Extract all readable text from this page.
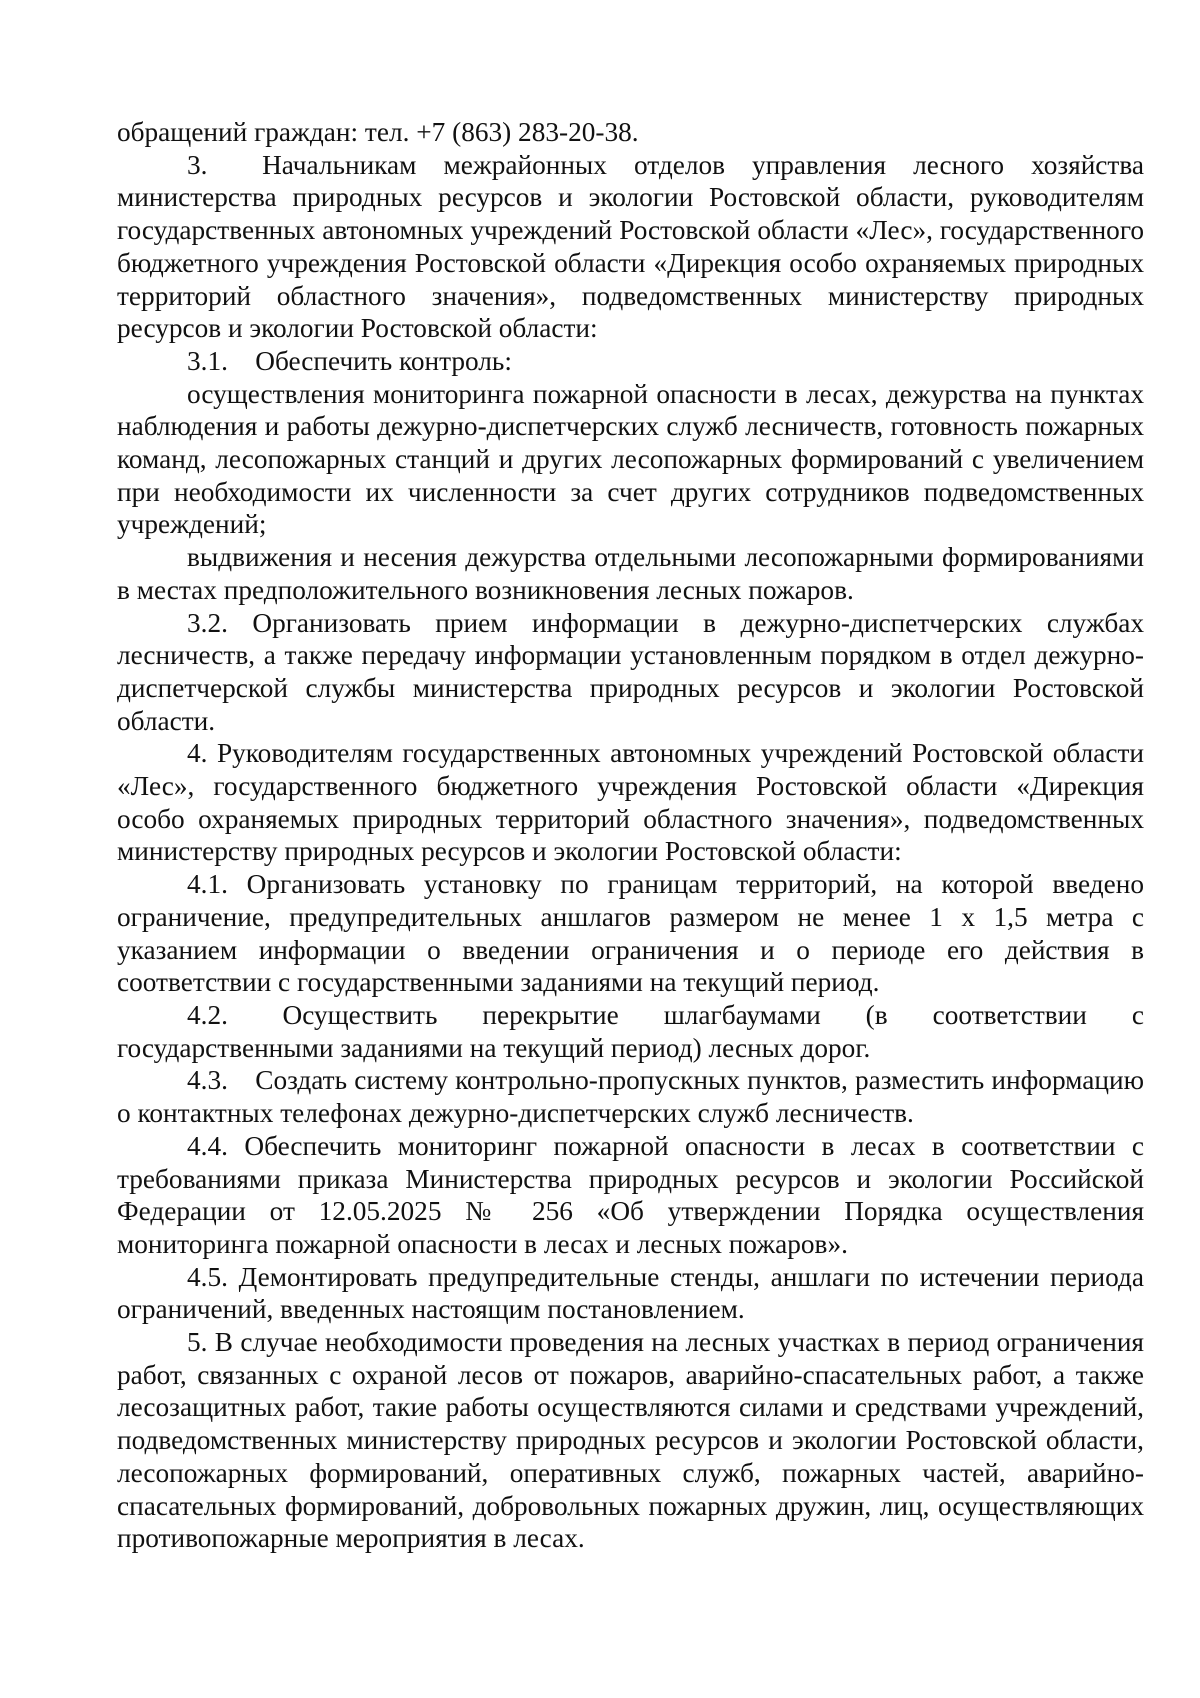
обращений граждан: тел. +7 (863) 283-20-38.

3.  Начальникам межрайонных отделов управления лесного хозяйства министерства природных ресурсов и экологии Ростовской области, руководителям государственных автономных учреждений Ростовской области «Лес», государственного бюджетного учреждения Ростовской области «Дирекция особо охраняемых природных территорий областного значения», подведомственных министерству природных ресурсов и экологии Ростовской области:

3.1. Обеспечить контроль:

осуществления мониторинга пожарной опасности в лесах, дежурства на пунктах наблюдения и работы дежурно-диспетчерских служб лесничеств, готовность пожарных команд, лесопожарных станций и других лесопожарных формирований с увеличением при необходимости их численности за счет других сотрудников подведомственных учреждений;

выдвижения и несения дежурства отдельными лесопожарными формированиями в местах предположительного возникновения лесных пожаров.

3.2. Организовать прием информации в дежурно-диспетчерских службах лесничеств, а также передачу информации установленным порядком в отдел дежурно-диспетчерской службы министерства природных ресурсов и экологии Ростовской области.

4. Руководителям государственных автономных учреждений Ростовской области «Лес», государственного бюджетного учреждения Ростовской области «Дирекция особо охраняемых природных территорий областного значения», подведомственных министерству природных ресурсов и экологии Ростовской области:

4.1. Организовать установку по границам территорий, на которой введено ограничение, предупредительных аншлагов размером не менее 1 х 1,5 метра с указанием информации о введении ограничения и о периоде его действия в соответствии с государственными заданиями на текущий период.

4.2.  Осуществить перекрытие шлагбаумами (в соответствии с государственными заданиями на текущий период) лесных дорог.

4.3. Создать систему контрольно-пропускных пунктов, разместить информацию о контактных телефонах дежурно-диспетчерских служб лесничеств.

4.4. Обеспечить мониторинг пожарной опасности в лесах в соответствии с требованиями приказа Министерства природных ресурсов и экологии Российской Федерации от 12.05.2025 № 256 «Об утверждении Порядка осуществления мониторинга пожарной опасности в лесах и лесных пожаров».

4.5. Демонтировать предупредительные стенды, аншлаги по истечении периода ограничений, введенных настоящим постановлением.

5. В случае необходимости проведения на лесных участках в период ограничения работ, связанных с охраной лесов от пожаров, аварийно-спасательных работ, а также лесозащитных работ, такие работы осуществляются силами и средствами учреждений, подведомственных министерству природных ресурсов и экологии Ростовской области, лесопожарных формирований, оперативных служб, пожарных частей, аварийно-спасательных формирований, добровольных пожарных дружин, лиц, осуществляющих противопожарные мероприятия в лесах.
